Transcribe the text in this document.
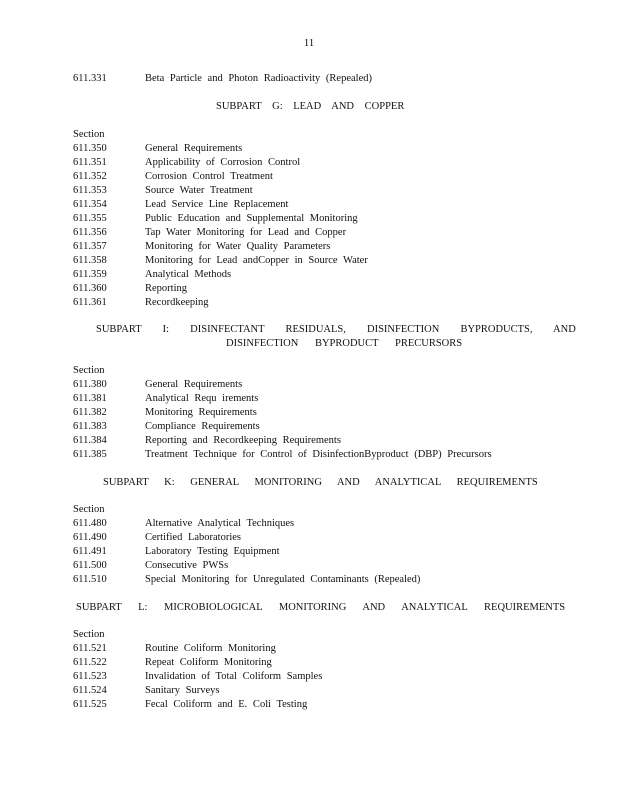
11
611.331	Beta Particle and Photon Radioactivity (Repealed)
SUBPART G: LEAD AND COPPER
Section
611.350	General Requirements
611.351	Applicability of Corrosion Control
611.352	Corrosion Control Treatment
611.353	Source Water Treatment
611.354	Lead Service Line Replacement
611.355	Public Education and Supplemental Monitoring
611.356	Tap Water Monitoring for Lead and Copper
611.357	Monitoring for Water Quality Parameters
611.358	Monitoring for Lead andCopper in Source Water
611.359	Analytical Methods
611.360	Reporting
611.361	Recordkeeping
SUBPART I: DISINFECTANT RESIDUALS, DISINFECTION BYPRODUCTS, AND
DISINFECTION BYPRODUCT PRECURSORS
Section
611.380	General Requirements
611.381	Analytical Requ irements
611.382	Monitoring Requirements
611.383	Compliance Requirements
611.384	Reporting and Recordkeeping Requirements
611.385	Treatment Technique for Control of DisinfectionByproduct (DBP) Precursors
SUBPART K: GENERAL MONITORING AND ANALYTICAL REQUIREMENTS
Section
611.480	Alternative Analytical Techniques
611.490	Certified Laboratories
611.491	Laboratory Testing Equipment
611.500	Consecutive PWSs
611.510	Special Monitoring for Unregulated Contaminants (Repealed)
SUBPART L: MICROBIOLOGICAL MONITORING AND ANALYTICAL REQUIREMENTS
Section
611.521	Routine Coliform Monitoring
611.522	Repeat Coliform Monitoring
611.523	Invalidation of Total Coliform Samples
611.524	Sanitary Surveys
611.525	Fecal Coliform and E. Coli Testing
